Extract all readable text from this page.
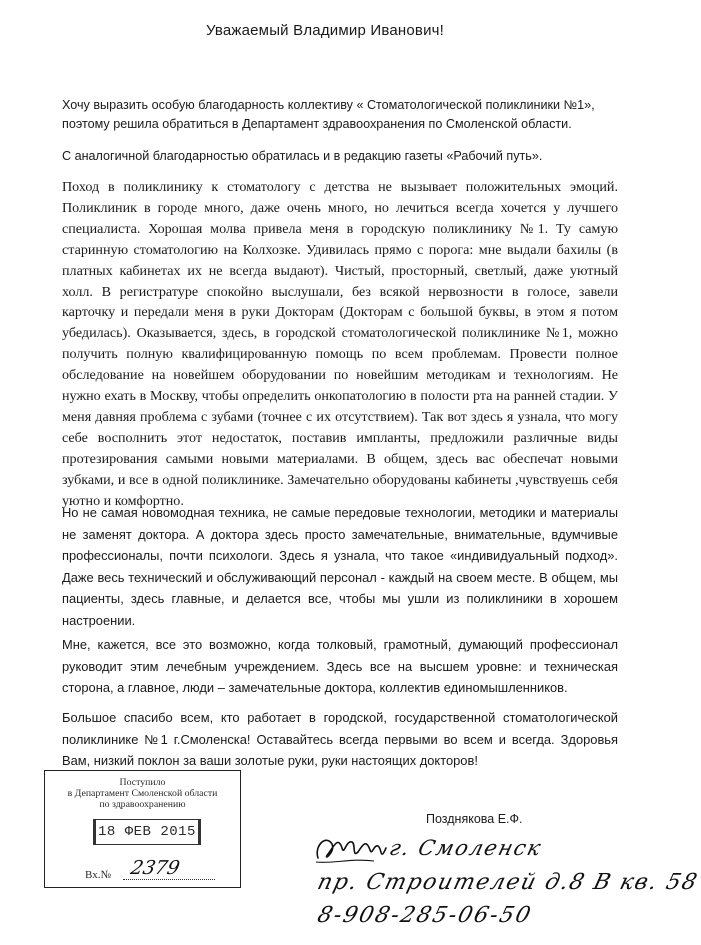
Уважаемый Владимир Иванович!
Хочу выразить особую благодарность коллективу « Стоматологической поликлиники №1», поэтому решила обратиться в Департамент здравоохранения по Смоленской области.
С аналогичной благодарностью обратилась и в редакцию газеты «Рабочий путь».

Поход в поликлинику к стоматологу с детства не вызывает положительных эмоций. Поликлиник в городе много, даже очень много, но лечиться всегда хочется у лучшего специалиста. Хорошая молва привела меня в городскую поликлинику №1. Ту самую старинную стоматологию на Колхозке. Удивилась прямо с порога: мне выдали бахилы (в платных кабинетах их не всегда выдают). Чистый, просторный, светлый, даже уютный холл. В регистратуре спокойно выслушали, без всякой нервозности в голосе, завели карточку и передали меня в руки Докторам (Докторам с большой буквы, в этом я потом убедилась). Оказывается, здесь, в городской стоматологической поликлинике №1, можно получить полную квалифицированную помощь по всем проблемам. Провести полное обследование на новейшем оборудовании по новейшим методикам и технологиям. Не нужно ехать в Москву, чтобы определить онкопатологию в полости рта на ранней стадии. У меня давняя проблема с зубами (точнее с их отсутствием). Так вот здесь я узнала, что могу себе восполнить этот недостаток, поставив импланты, предложили различные виды протезирования самыми новыми материалами. В общем, здесь вас обеспечат новыми зубками, и все в одной поликлинике. Замечательно оборудованы кабинеты ,чувствуешь себя уютно и комфортно.

Но не самая новомодная техника, не самые передовые технологии, методики и материалы не заменят доктора. А доктора здесь просто замечательные, внимательные, вдумчивые профессионалы, почти психологи. Здесь я узнала, что такое «индивидуальный подход». Даже весь технический и обслуживающий персонал - каждый на своем месте. В общем, мы пациенты, здесь главные, и делается все, чтобы мы ушли из поликлиники в хорошем настроении.

Мне, кажется, все это возможно, когда толковый, грамотный, думающий профессионал руководит этим лечебным учреждением. Здесь все на высшем уровне: и техническая сторона, а главное, люди – замечательные доктора, коллектив единомышленников.

Большое спасибо всем, кто работает в городской, государственной стоматологической поликлинике №1 г.Смоленска! Оставайтесь всегда первыми во всем и всегда. Здоровья Вам, низкий поклон за ваши золотые руки, руки настоящих докторов!

Позднякова Е.Ф.
Поступило
в Департамент Смоленской области
по здравоохранению
18 ФЕВ 2015
Вх.№ 2379
г. Смоленск
пр. Строителей д.8 В кв. 58
8-908-285-06-50
